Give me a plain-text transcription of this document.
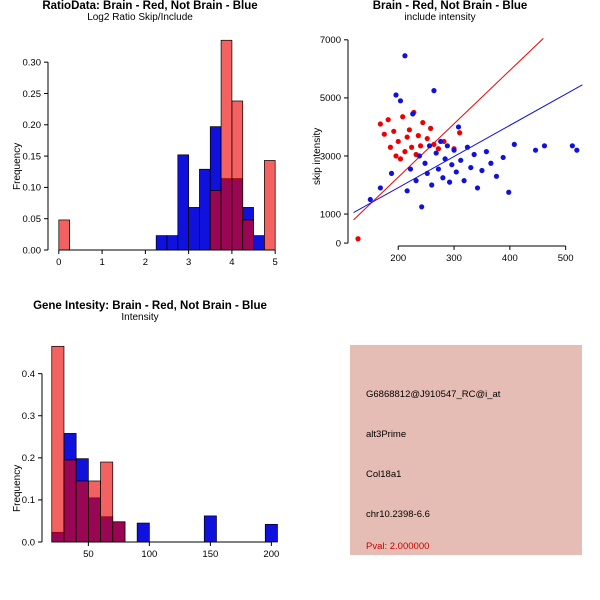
RatioData: Brain - Red, Not Brain - Blue
0	1	2	3	4	5
0.00
0.05
0.10
0.15
0.20
0.25
0.30
Log2 Ratio Skip/Include
Frequency
Brain - Red, Not Brain - Blue
200	300	400	500
0
1000
3000
5000
7000
include intensity
skip intensity
Gene Intesity: Brain - Red, Not Brain - Blue
50	100	150	200
0.0
0.1
0.2
0.3
0.4
Intensity
Frequency
G6868812@J910547_RC@i_at
alt3Prime
Col18a1
chr10.2398-6.6
Pval: 2.000000
